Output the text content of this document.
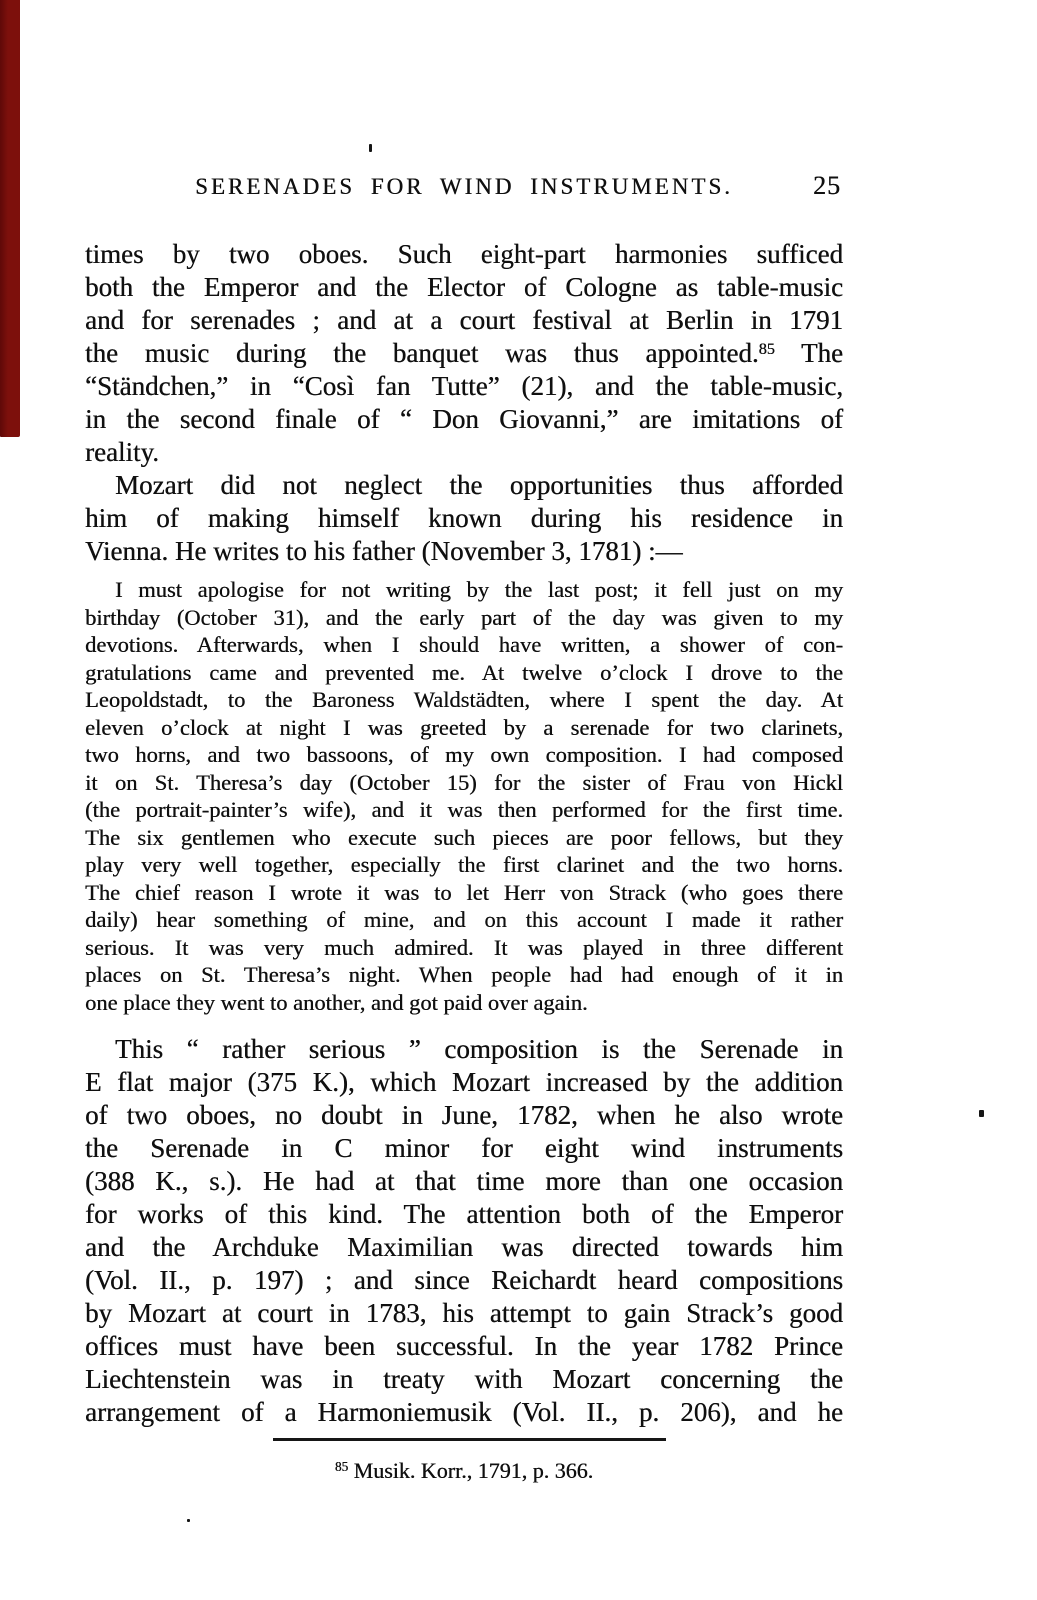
SERENADES FOR WIND INSTRUMENTS.	25
times by two oboes. Such eight-part harmonies sufficed
both the Emperor and the Elector of Cologne as table-music
and for serenades ; and at a court festival at Berlin in 1791
the music during the banquet was thus appointed.$^{85}$ The
“Ständchen,” in “Così fan Tutte” (21), and the table-music,
in the second finale of “ Don Giovanni,” are imitations of
reality.
Mozart did not neglect the opportunities thus afforded
him of making himself known during his residence in
Vienna. He writes to his father (November 3, 1781) :—
I must apologise for not writing by the last post; it fell just on my
birthday (October 31), and the early part of the day was given to my
devotions. Afterwards, when I should have written, a shower of con-
gratulations came and prevented me. At twelve o’clock I drove to the
Leopoldstadt, to the Baroness Waldstädten, where I spent the day. At
eleven o’clock at night I was greeted by a serenade for two clarinets,
two horns, and two bassoons, of my own composition. I had composed
it on St. Theresa’s day (October 15) for the sister of Frau von Hickl
(the portrait-painter’s wife), and it was then performed for the first time.
The six gentlemen who execute such pieces are poor fellows, but they
play very well together, especially the first clarinet and the two horns.
The chief reason I wrote it was to let Herr von Strack (who goes there
daily) hear something of mine, and on this account I made it rather
serious. It was very much admired. It was played in three different
places on St. Theresa’s night. When people had had enough of it in
one place they went to another, and got paid over again.
This “ rather serious ” composition is the Serenade in
E flat major (375 K.), which Mozart increased by the addition
of two oboes, no doubt in June, 1782, when he also wrote
the Serenade in C minor for eight wind instruments
(388 K., s.). He had at that time more than one occasion
for works of this kind. The attention both of the Emperor
and the Archduke Maximilian was directed towards him
(Vol. II., p. 197) ; and since Reichardt heard compositions
by Mozart at court in 1783, his attempt to gain Strack’s good
offices must have been successful. In the year 1782 Prince
Liechtenstein was in treaty with Mozart concerning the
arrangement of a Harmoniemusik (Vol. II., p. 206), and he
$^{85}$ Musik. Korr., 1791, p. 366.
